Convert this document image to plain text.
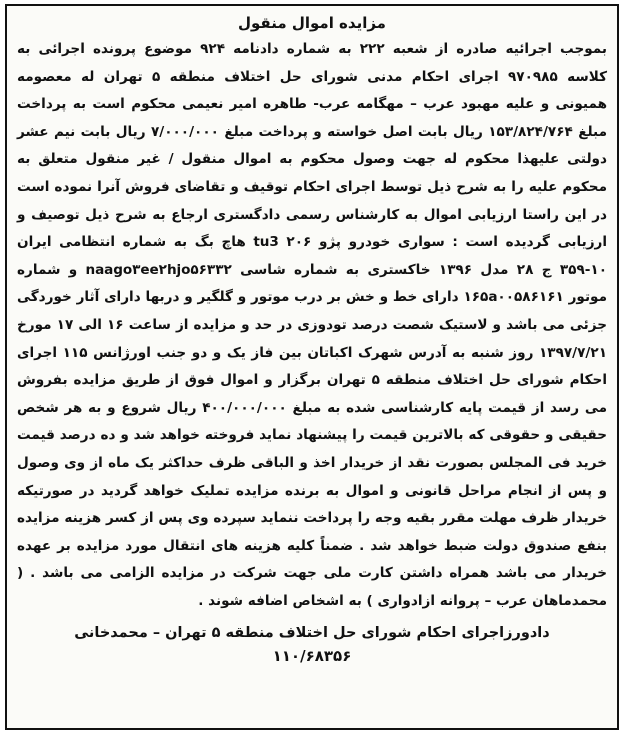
مزایده اموال منقول
بموجب اجرائیه صادره از شعبه ۲۲۲ به شماره دادنامه ۹۲۴ موضوع پرونده اجرائی به کلاسه ۹۷۰۹۸۵ اجرای احکام مدنی شورای حل اختلاف منطقه ۵ تهران له معصومه همیونی و علیه مهبود عرب – مهگامه عرب- طاهره امیر نعیمی محکوم است به پرداخت مبلغ ۱۵۳/۸۲۴/۷۶۴ ریال بابت اصل خواسته و پرداخت مبلغ ۷/۰۰۰/۰۰۰ ریال بابت نیم عشر دولتی علیهذا محکوم له جهت وصول محکوم به اموال منقول / غیر منقول متعلق به محکوم علیه را به شرح ذیل توسط اجرای احکام توقیف و تقاضای فروش آنرا نموده است در این راستا ارزیابی اموال به کارشناس رسمی دادگستری ارجاع به شرح ذیل توصیف و ارزیابی گردیده است : سواری خودرو پژو ۲۰۶ tu3 هاچ بگ به شماره انتظامی ایران ۱۰-۳۵۹ ج ۲۸ مدل ۱۳۹۶ خاکستری به شماره شاسی naago۳ee۲hjo۵۶۳۳۲ و شماره موتور ۱۶۵a۰۰۵۸۶۱۶۱ دارای خط و خش بر درب موتور و گلگیر و دربها دارای آثار خوردگی جزئی می باشد و لاستیک شصت درصد تودوزی در حد و مزایده از ساعت ۱۶ الی ۱۷ مورخ ۱۳۹۷/۷/۲۱ روز شنبه به آدرس شهرک اکباتان بین فاز یک و دو جنب اورژانس ۱۱۵ اجرای احکام شورای حل اختلاف منطقه ۵ تهران برگزار و اموال فوق از طریق مزایده بفروش می رسد از قیمت پایه کارشناسی شده به مبلغ ۴۰۰/۰۰۰/۰۰۰ ریال شروع و به هر شخص حقیقی و حقوقی که بالاترین قیمت را پیشنهاد نماید فروخته خواهد شد و ده درصد قیمت خرید فی المجلس بصورت نقد از خریدار اخذ و الباقی ظرف حداکثر یک ماه از وی وصول و پس از انجام مراحل قانونی و اموال به برنده مزایده تملیک خواهد گردید در صورتیکه خریدار ظرف مهلت مقرر بقیه وجه را پرداخت ننماید سپرده وی پس از کسر هزینه مزایده بنفع صندوق دولت ضبط خواهد شد . ضمناً کلیه هزینه های انتقال مورد مزایده بر عهده خریدار می باشد همراه داشتن کارت ملی جهت شرکت در مزایده الزامی می باشد . ( محمدماهان عرب – پروانه ازادواری ) به اشخاص اضافه شوند .
دادورزاجرای احکام شورای حل اختلاف منطقه ۵ تهران – محمدخانی
۱۱۰/۶۸۳۵۶
